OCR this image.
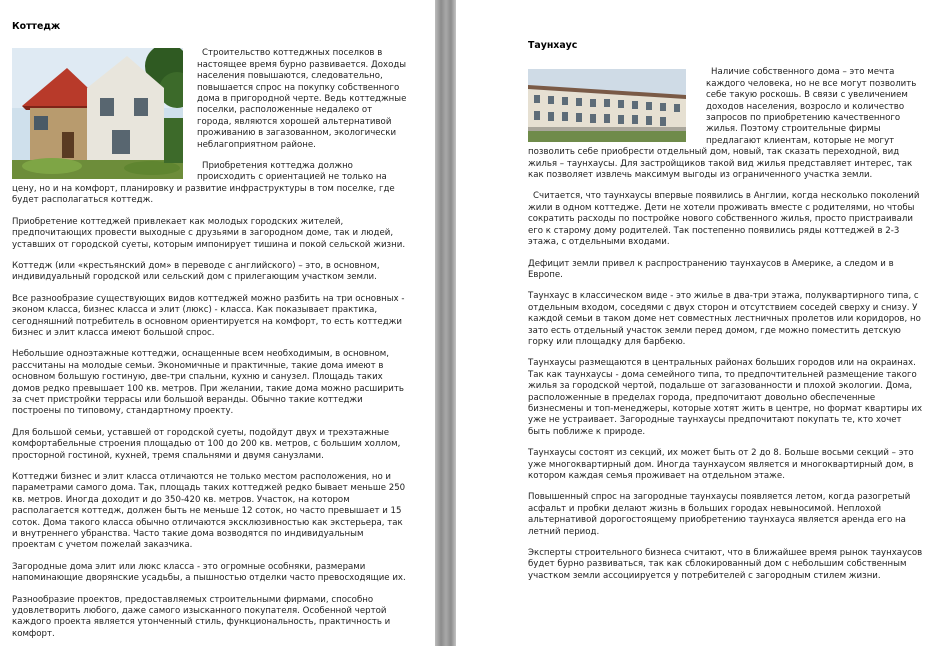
Коттедж

Строительство коттеджных поселков в настоящее время бурно развивается. Доходы населения повышаются, следовательно, повышается спрос на покупку собственного дома в пригородной черте. Ведь коттеджные поселки, расположенные недалеко от города, являются хорошей альтернативой проживанию в загазованном, экологически неблагоприятном районе.

Приобретения коттеджа должно происходить с ориентацией не только на цену, но и на комфорт, планировку и развитие инфраструктуры в том поселке, где будет располагаться коттедж.

Приобретение коттеджей привлекает как молодых городских жителей, предпочитающих провести выходные с друзьями в загородном доме, так и людей, уставших от городской суеты, которым импонирует тишина и покой сельской жизни.

Коттедж (или «крестьянский дом» в переводе с английского) – это, в основном, индивидуальный городской или сельский дом с прилегающим участком земли.

Все разнообразие существующих видов коттеджей можно разбить на три основных - эконом класса, бизнес класса и элит (люкс) - класса. Как показывает практика, сегодняшний потребитель в основном ориентируется на комфорт, то есть коттеджи бизнес и элит класса имеют большой спрос.

Небольшие одноэтажные коттеджи, оснащенные всем необходимым, в основном, рассчитаны на молодые семьи. Экономичные и практичные, такие дома имеют в основном большую гостиную, две-три спальни, кухню и санузел. Площадь таких домов редко превышает 100 кв. метров. При желании, такие дома можно расширить за счет пристройки террасы или большой веранды. Обычно такие коттеджи построены по типовому, стандартному проекту.

Для большой семьи, уставшей от городской суеты, подойдут двух и трехэтажные комфортабельные строения площадью от 100 до 200 кв. метров, с большим холлом, просторной гостиной, кухней, тремя спальнями и двумя санузлами.

Коттеджи бизнес и элит класса отличаются не только местом расположения, но и параметрами самого дома. Так, площадь таких коттеджей редко бывает меньше 250 кв. метров. Иногда доходит и до 350-420 кв. метров. Участок, на котором располагается коттедж, должен быть не меньше 12 соток, но часто превышает и 15 соток. Дома такого класса обычно отличаются эксклюзивностью как экстерьера, так и внутреннего убранства. Часто такие дома возводятся по индивидуальным проектам с учетом пожелай заказчика.

Загородные дома элит или люкс класса - это огромные особняки, размерами напоминающие дворянские усадьбы, а пышностью отделки часто превосходящие их.

Разнообразие проектов, предоставляемых строительными фирмами, способно удовлетворить любого, даже самого изысканного покупателя. Особенной чертой каждого проекта является утонченный стиль, функциональность, практичность и комфорт.

Таунхаус

Наличие собственного дома – это мечта каждого человека, но не все могут позволить себе такую роскошь. В связи с увеличением доходов населения, возросло и количество запросов по приобретению качественного жилья. Поэтому строительные фирмы предлагают клиентам, которые не могут позволить себе приобрести отдельный дом, новый, так сказать переходной, вид жилья – таунхаусы. Для застройщиков такой вид жилья представляет интерес, так как позволяет извлечь максимум выгоды из ограниченного участка земли.

Считается, что таунхаусы впервые появились в Англии, когда несколько поколений жили в одном коттедже. Дети не хотели проживать вместе с родителями, но чтобы сократить расходы по постройке нового собственного жилья, просто пристраивали его к старому дому родителей. Так постепенно появились ряды коттеджей в 2-3 этажа, с отдельными входами.

Дефицит земли привел к распространению таунхаусов в Америке, а следом и в Европе.

Таунхаус в классическом виде - это жилье в два-три этажа, полуквартирного типа, с отдельным входом, соседями с двух сторон и отсутствием соседей сверху и снизу. У каждой семьи в таком доме нет совместных лестничных пролетов или коридоров, но зато есть отдельный участок земли перед домом, где можно поместить детскую горку или площадку для барбекю.

Таунхаусы размещаются в центральных районах больших городов или на окраинах. Так как таунхаусы - дома семейного типа, то предпочтительней размещение такого жилья за городской чертой, подальше от загазованности и плохой экологии. Дома, расположенные в пределах города, предпочитают довольно обеспеченные бизнесмены и топ-менеджеры, которые хотят жить в центре, но формат квартиры их уже не устраивает. Загородные таунхаусы предпочитают покупать те, кто хочет быть поближе к природе.

Таунхаусы состоят из секций, их может быть от 2 до 8. Больше восьми секций – это уже многоквартирный дом. Иногда таунхаусом является и многоквартирный дом, в котором каждая семья проживает на отдельном этаже.

Повышенный спрос на загородные таунхаусы появляется летом, когда разогретый асфальт и пробки делают жизнь в больших городах невыносимой. Неплохой альтернативой дорогостоящему приобретению таунхауса является аренда его на летний период.

Эксперты строительного бизнеса считают, что в ближайшее время рынок таунхаусов будет бурно развиваться, так как сблокированный дом с небольшим собственным участком земли ассоциируется у потребителей с загородным стилем жизни.
